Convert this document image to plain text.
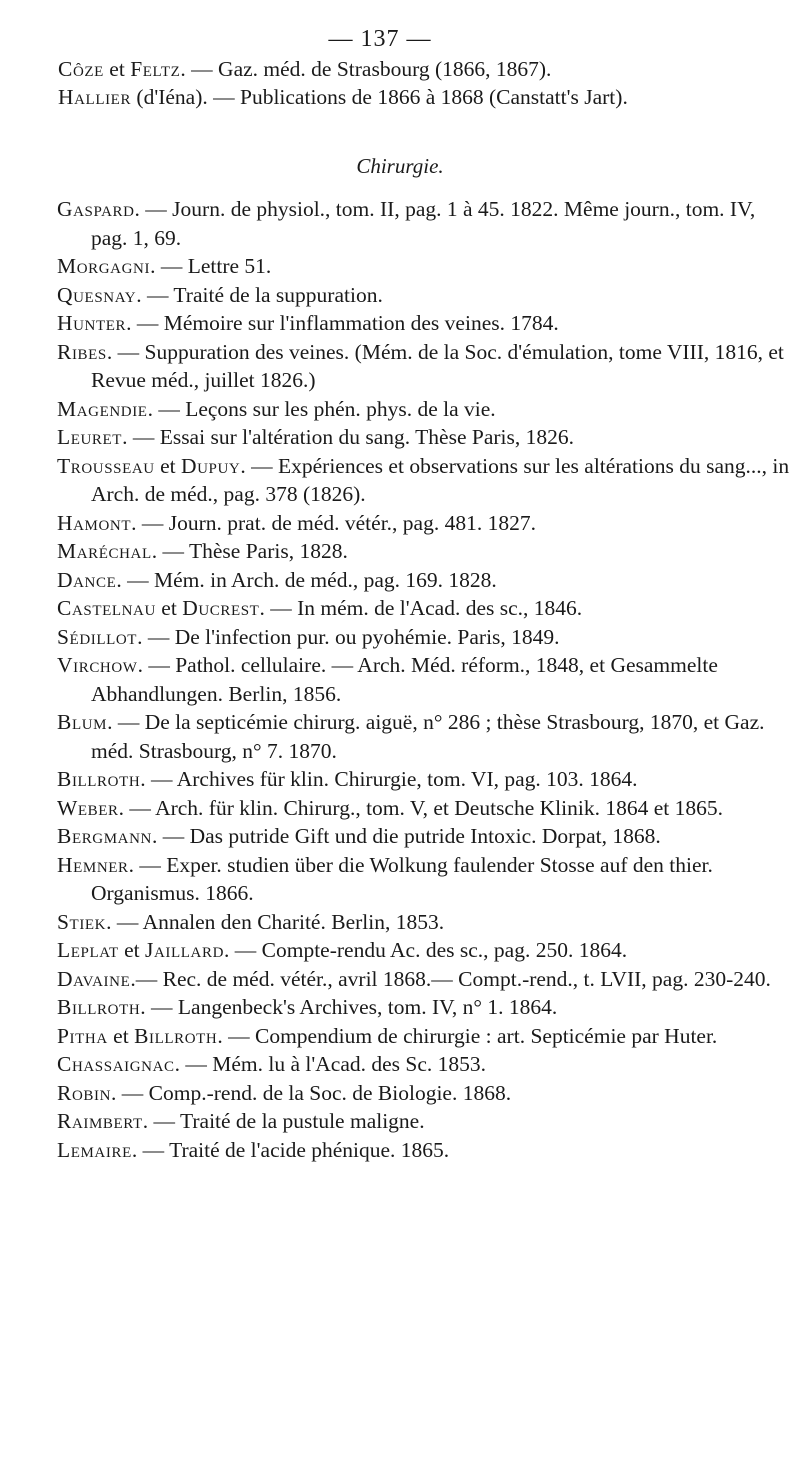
— 137 —
Côze et Feltz. — Gaz. méd. de Strasbourg (1866, 1867).
Hallier (d'Iéna). — Publications de 1866 à 1868 (Canstatt's Jart).
Chirurgie.
Gaspard. — Journ. de physiol., tom. II, pag. 1 à 45. 1822. Même journ., tom. IV, pag. 1, 69.
Morgagni. — Lettre 51.
Quesnay. — Traité de la suppuration.
Hunter. — Mémoire sur l'inflammation des veines. 1784.
Ribes. — Suppuration des veines. (Mém. de la Soc. d'émulation, tome VIII, 1816, et Revue méd., juillet 1826.)
Magendie. — Leçons sur les phén. phys. de la vie.
Leuret. — Essai sur l'altération du sang. Thèse Paris, 1826.
Trousseau et Dupuy. — Expériences et observations sur les altérations du sang..., in Arch. de méd., pag. 378 (1826).
Hamont. — Journ. prat. de méd. vétér., pag. 481. 1827.
Maréchal. — Thèse Paris, 1828.
Dance. — Mém. in Arch. de méd., pag. 169. 1828.
Castelnau et Ducrest. — In mém. de l'Acad. des sc., 1846.
Sédillot. — De l'infection pur. ou pyohémie. Paris, 1849.
Virchow. — Pathol. cellulaire. — Arch. Méd. réform., 1848, et Gesammelte Abhandlungen. Berlin, 1856.
Blum. — De la septicémie chirurg. aiguë, n° 286 ; thèse Strasbourg, 1870, et Gaz. méd. Strasbourg, n° 7. 1870.
Billroth. — Archives für klin. Chirurgie, tom. VI, pag. 103. 1864.
Weber. — Arch. für klin. Chirurg., tom. V, et Deutsche Klinik. 1864 et 1865.
Bergmann. — Das putride Gift und die putride Intoxic. Dorpat, 1868.
Hemner. — Exper. studien über die Wolkung faulender Stosse auf den thier. Organismus. 1866.
Stiek. — Annalen den Charité. Berlin, 1853.
Leplat et Jaillard. — Compte-rendu Ac. des sc., pag. 250. 1864.
Davaine.— Rec. de méd. vétér., avril 1868.— Compt.-rend., t. LVII, pag. 230-240.
Billroth. — Langenbeck's Archives, tom. IV, n° 1. 1864.
Pitha et Billroth. — Compendium de chirurgie : art. Septicémie par Huter.
Chassaignac. — Mém. lu à l'Acad. des Sc. 1853.
Robin. — Comp.-rend. de la Soc. de Biologie. 1868.
Raimbert. — Traité de la pustule maligne.
Lemaire. — Traité de l'acide phénique. 1865.
